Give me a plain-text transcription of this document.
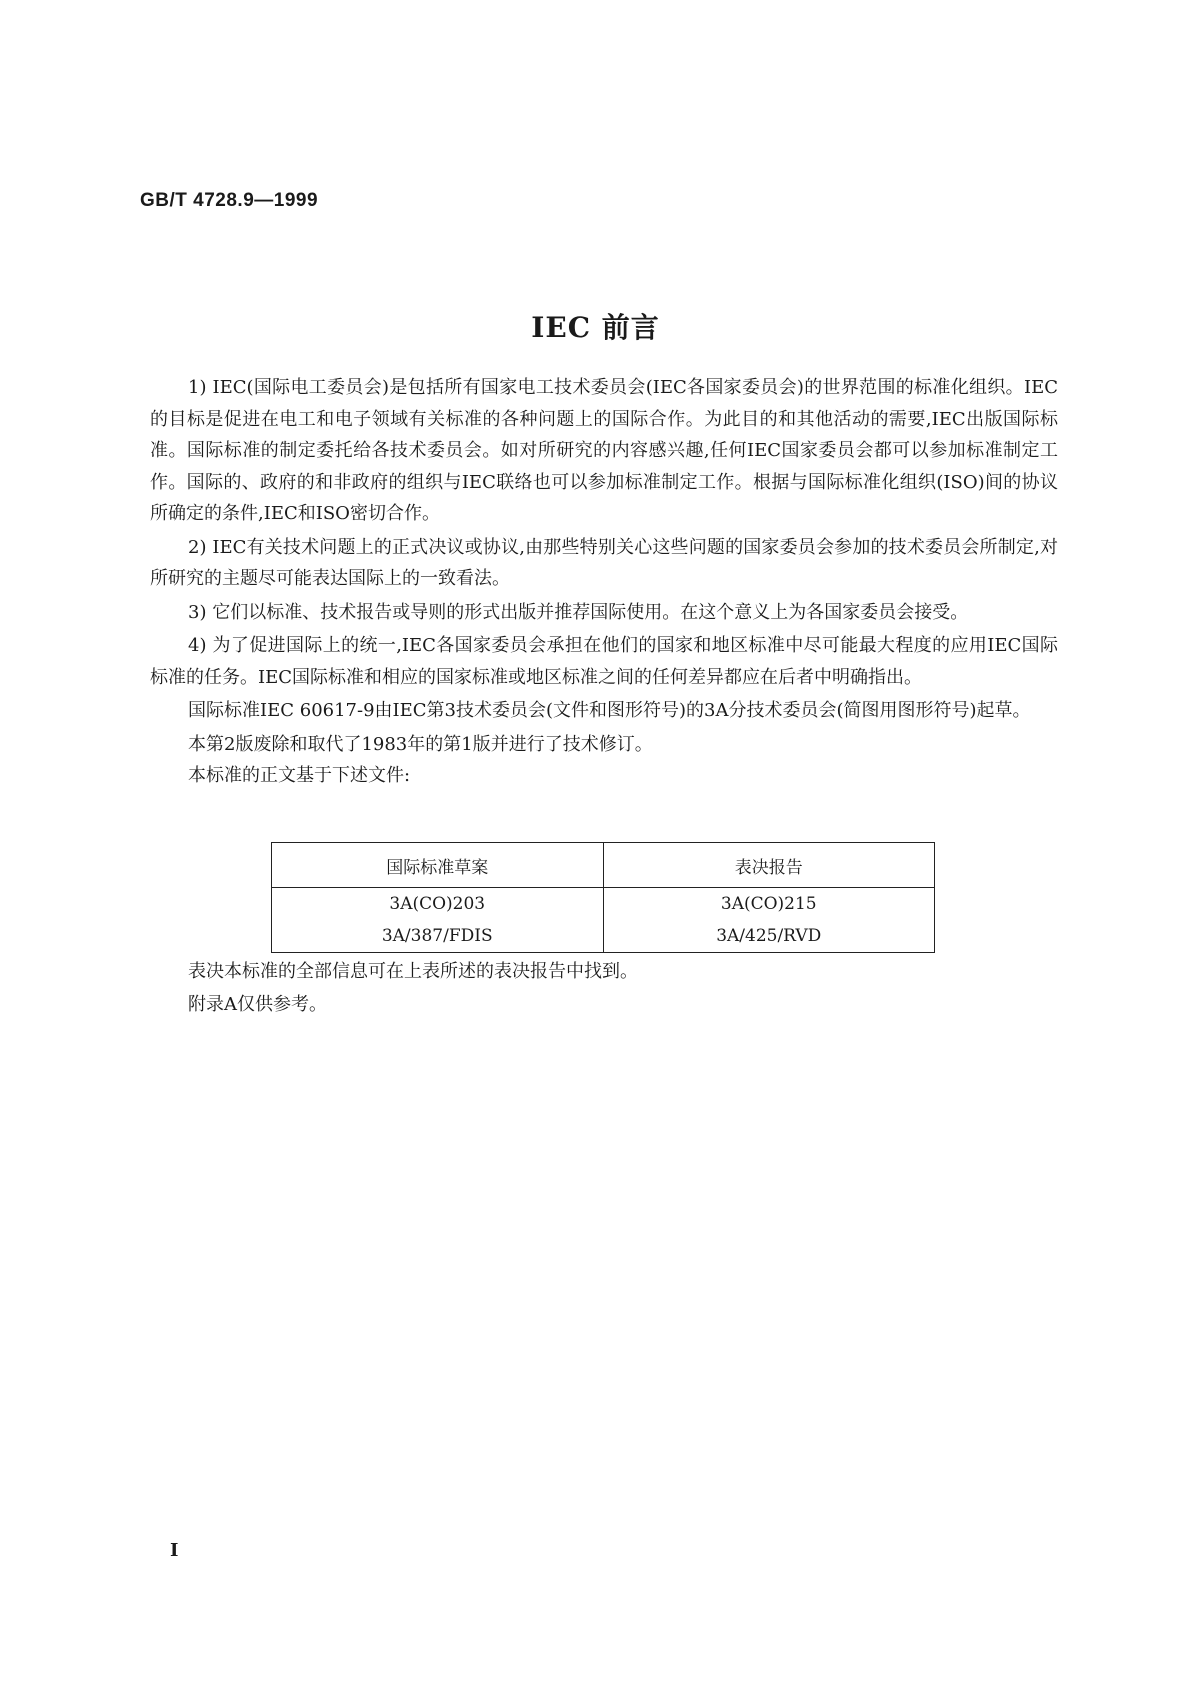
GB/T 4728.9—1999
IEC 前言

1) IEC(国际电工委员会)是包括所有国家电工技术委员会(IEC各国家委员会)的世界范围的标准化组织。IEC的目标是促进在电工和电子领域有关标准的各种问题上的国际合作。为此目的和其他活动的需要,IEC出版国际标准。国际标准的制定委托给各技术委员会。如对所研究的内容感兴趣,任何IEC国家委员会都可以参加标准制定工作。国际的、政府的和非政府的组织与IEC联络也可以参加标准制定工作。根据与国际标准化组织(ISO)间的协议所确定的条件,IEC和ISO密切合作。

2) IEC有关技术问题上的正式决议或协议,由那些特别关心这些问题的国家委员会参加的技术委员会所制定,对所研究的主题尽可能表达国际上的一致看法。

3) 它们以标准、技术报告或导则的形式出版并推荐国际使用。在这个意义上为各国家委员会接受。

4) 为了促进国际上的统一,IEC各国家委员会承担在他们的国家和地区标准中尽可能最大程度的应用IEC国际标准的任务。IEC国际标准和相应的国家标准或地区标准之间的任何差异都应在后者中明确指出。

国际标准IEC 60617-9由IEC第3技术委员会(文件和图形符号)的3A分技术委员会(简图用图形符号)起草。

本第2版废除和取代了1983年的第1版并进行了技术修订。
本标准的正文基于下述文件:
国际标准草案	表决报告
3A(CO)203	3A(CO)215
3A/387/FDIS	3A/425/RVD
表决本标准的全部信息可在上表所述的表决报告中找到。
附录A仅供参考。
I
